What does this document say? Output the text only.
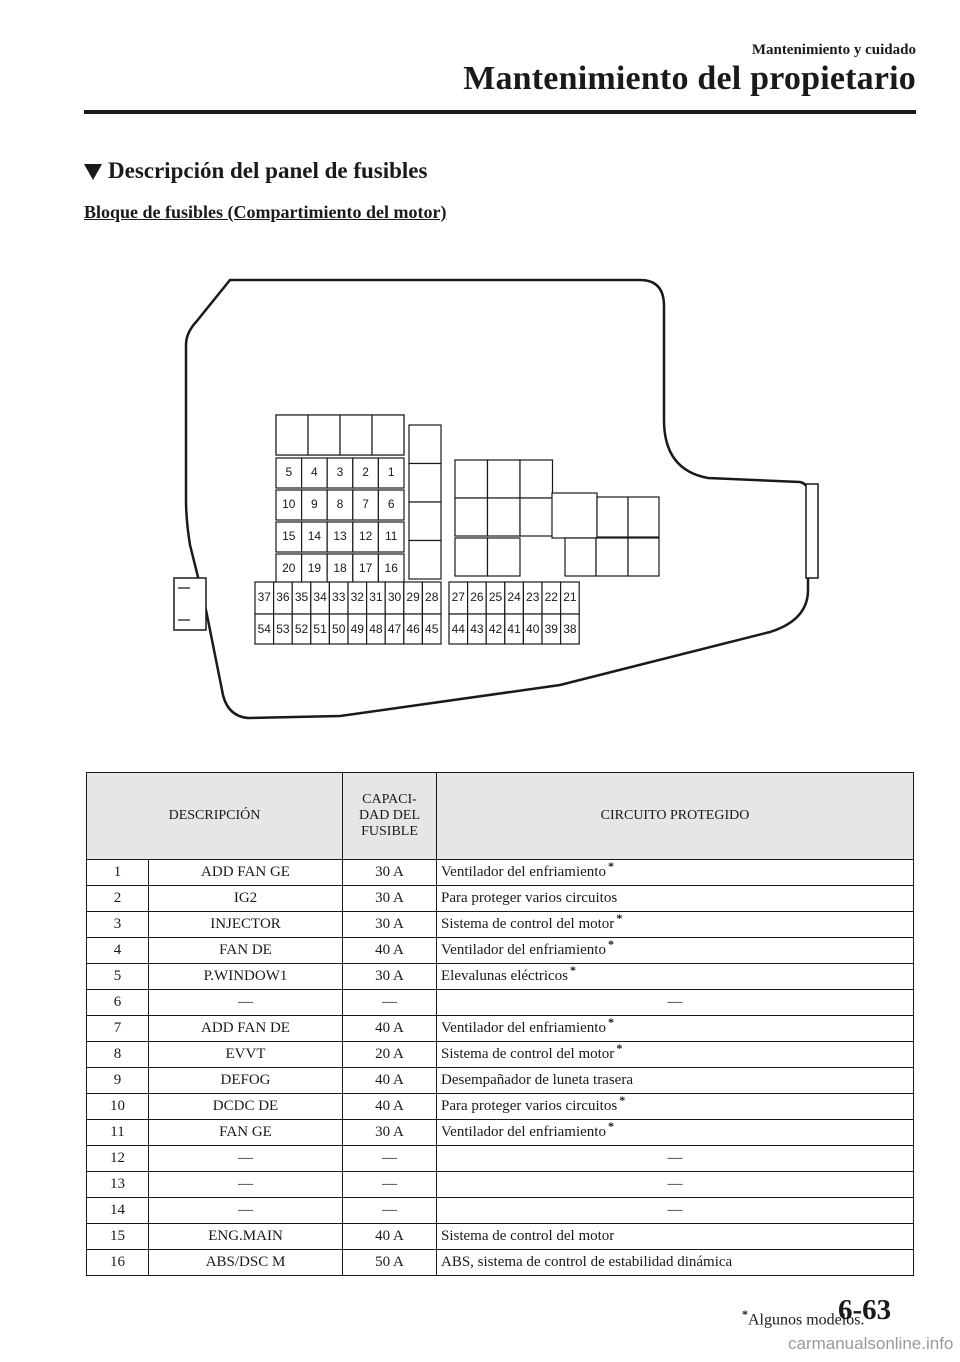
Mantenimiento y cuidado
Mantenimiento del propietario
Descripción del panel de fusibles
Bloque de fusibles (Compartimiento del motor)
5 4 3 2 1
10 9 8 7 6
15 14 13 12 11
20 19 18 17 16
37 36 35 34 33 32 31 30 29 28
54 53 52 51 50 49 48 47 46 45
27 26 25 24 23 22 21
44 43 42 41 40 39 38
DESCRIPCIÓN		CAPACI-
DAD DEL
FUSIBLE	CIRCUITO PROTEGIDO
1	ADD FAN GE	30 A	Ventilador del enfriamiento *
2	IG2	30 A	Para proteger varios circuitos
3	INJECTOR	30 A	Sistema de control del motor *
4	FAN DE	40 A	Ventilador del enfriamiento *
5	P.WINDOW1	30 A	Elevalunas eléctricos *
6	—	—	—
7	ADD FAN DE	40 A	Ventilador del enfriamiento *
8	EVVT	20 A	Sistema de control del motor *
9	DEFOG	40 A	Desempañador de luneta trasera
10	DCDC DE	40 A	Para proteger varios circuitos *
11	FAN GE	30 A	Ventilador del enfriamiento *
12	—	—	—
13	—	—	—
14	—	—	—
15	ENG.MAIN	40 A	Sistema de control del motor
16	ABS/DSC M	50 A	ABS, sistema de control de estabilidad dinámica
*Algunos modelos.
6-63
carmanualsonline.info
